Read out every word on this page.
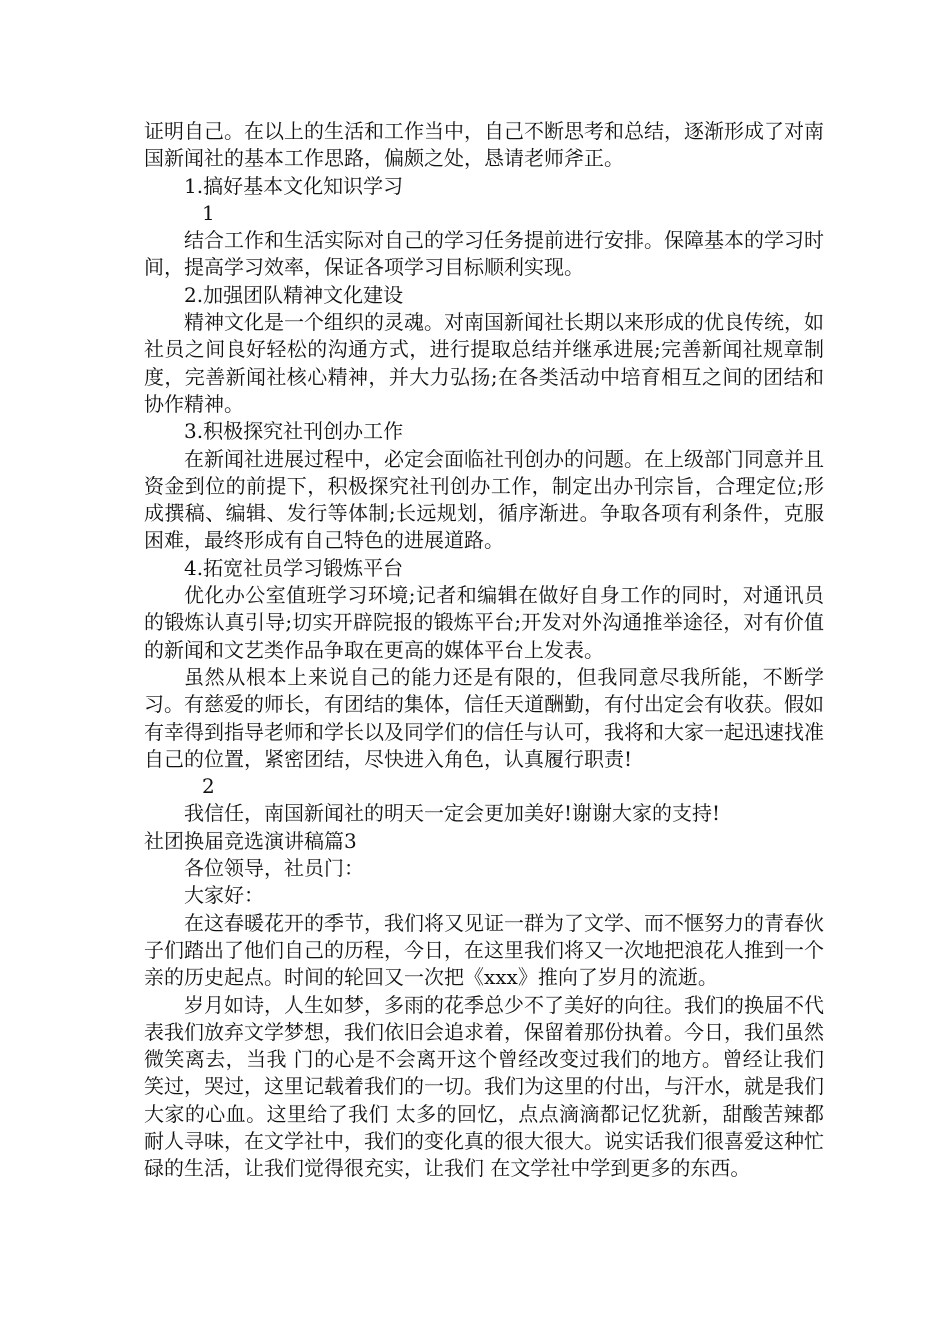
证明自己。在以上的生活和工作当中，自己不断思考和总结，逐渐形成了对南国新闻社的基本工作思路，偏颇之处，恳请老师斧正。

1.搞好基本文化知识学习

1

结合工作和生活实际对自己的学习任务提前进行安排。保障基本的学习时间，提高学习效率，保证各项学习目标顺利实现。

2.加强团队精神文化建设

精神文化是一个组织的灵魂。对南国新闻社长期以来形成的优良传统，如社员之间良好轻松的沟通方式，进行提取总结并继承进展;完善新闻社规章制度，完善新闻社核心精神，并大力弘扬;在各类活动中培育相互之间的团结和协作精神。

3.积极探究社刊创办工作

在新闻社进展过程中，必定会面临社刊创办的问题。在上级部门同意并且资金到位的前提下，积极探究社刊创办工作，制定出办刊宗旨，合理定位;形成撰稿、编辑、发行等体制;长远规划，循序渐进。争取各项有利条件，克服困难，最终形成有自己特色的进展道路。

4.拓宽社员学习锻炼平台

优化办公室值班学习环境;记者和编辑在做好自身工作的同时，对通讯员的锻炼认真引导;切实开辟院报的锻炼平台;开发对外沟通推举途径，对有价值的新闻和文艺类作品争取在更高的媒体平台上发表。

虽然从根本上来说自己的能力还是有限的，但我同意尽我所能，不断学习。有慈爱的师长，有团结的集体，信任天道酬勤，有付出定会有收获。假如有幸得到指导老师和学长以及同学们的信任与认可，我将和大家一起迅速找准自己的位置，紧密团结，尽快进入角色，认真履行职责!

2

我信任，南国新闻社的明天一定会更加美好!谢谢大家的支持!

社团换届竞选演讲稿篇3

各位领导，社员门：

大家好：

在这春暖花开的季节，我们将又见证一群为了文学、而不惬努力的青春伙子们踏出了他们自己的历程，今日，在这里我们将又一次地把浪花人推到一个亲的历史起点。时间的轮回又一次把《xxx》推向了岁月的流逝。

岁月如诗，人生如梦，多雨的花季总少不了美好的向往。我们的换届不代表我们放弃文学梦想，我们依旧会追求着，保留着那份执着。今日，我们虽然微笑离去，当我 门的心是不会离开这个曾经改变过我们的地方。曾经让我们笑过，哭过，这里记载着我们的一切。我们为这里的付出，与汗水，就是我们大家的心血。这里给了我们 太多的回忆，点点滴滴都记忆犹新，甜酸苦辣都耐人寻味，在文学社中，我们的变化真的很大很大。说实话我们很喜爱这种忙碌的生活，让我们觉得很充实，让我们 在文学社中学到更多的东西。
